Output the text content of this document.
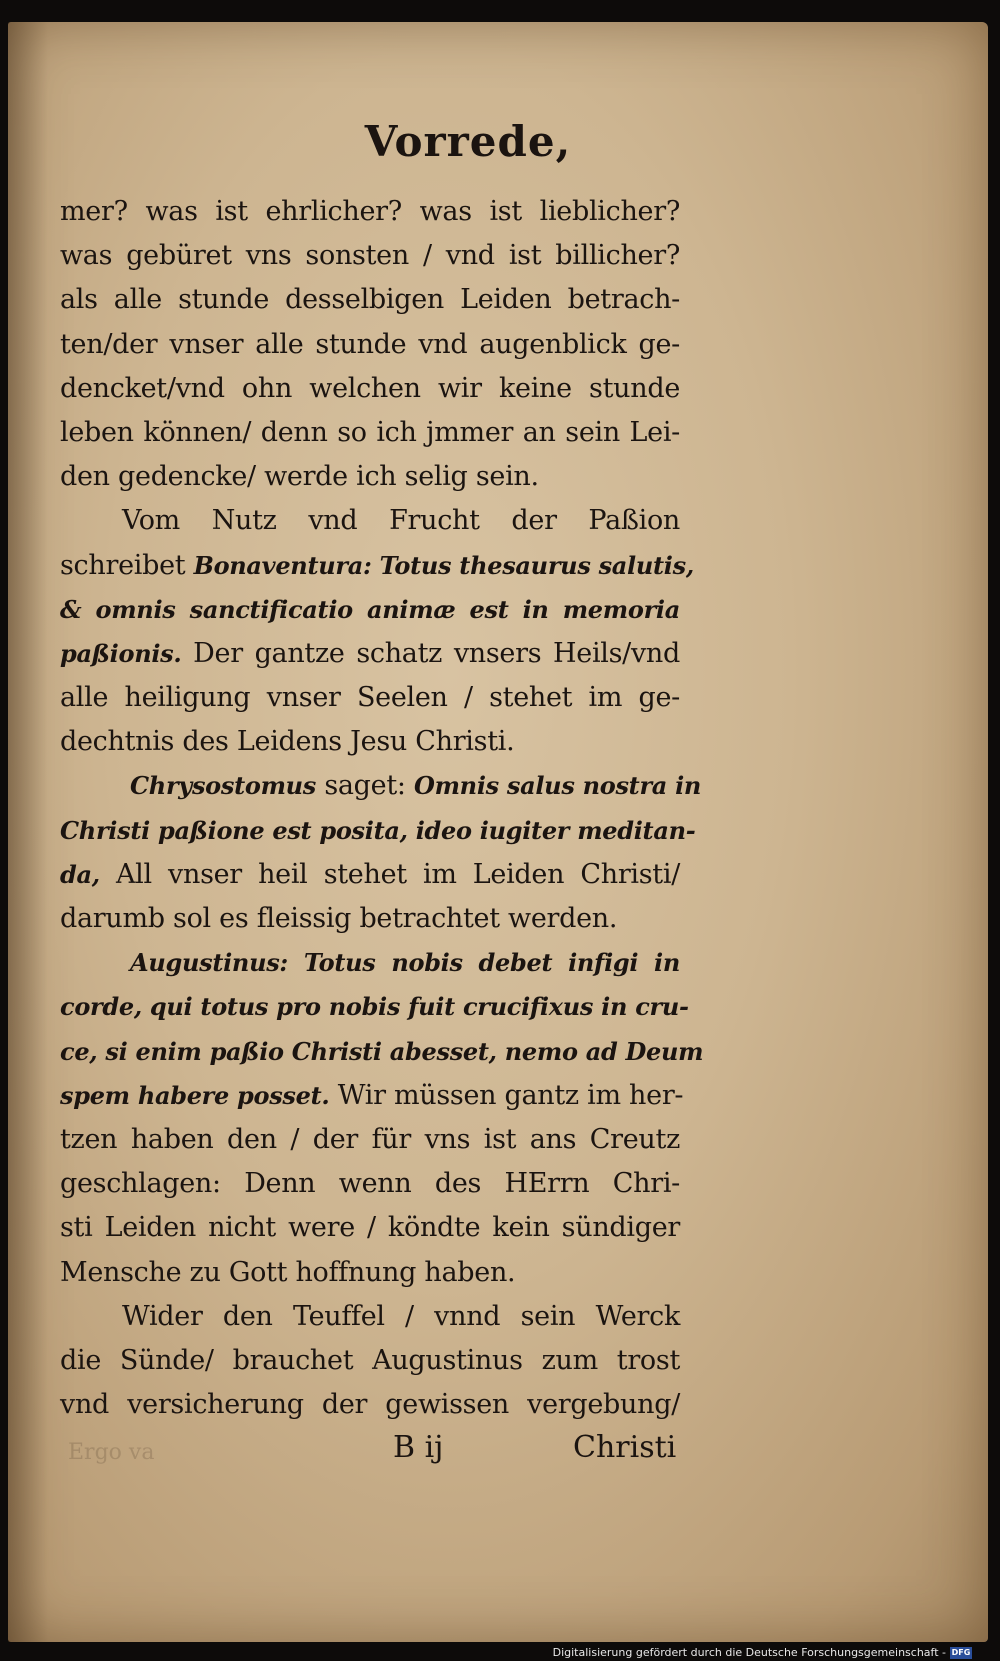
Vorrede,
mer? was ist ehrlicher? was ist lieblicher?
was gebüret vns sonsten / vnd ist billicher?
als alle stunde desselbigen Leiden betrach-
ten/der vnser alle stunde vnd augenblick ge-
dencket/vnd ohn welchen wir keine stunde
leben können/ denn so ich jmmer an sein Lei-
den gedencke/ werde ich selig sein.
Vom Nutz vnd Frucht der Paßion
schreibet Bonaventura: Totus thesaurus salutis,
& omnis sanctificatio animæ est in memoria
paßionis. Der gantze schatz vnsers Heils/vnd
alle heiligung vnser Seelen / stehet im ge-
dechtnis des Leidens Jesu Christi.
Chrysostomus saget: Omnis salus nostra in
Christi paßione est posita, ideo iugiter meditan-
da, All vnser heil stehet im Leiden Christi/
darumb sol es fleissig betrachtet werden.
Augustinus: Totus nobis debet infigi in
corde, qui totus pro nobis fuit crucifixus in cru-
ce, si enim paßio Christi abesset, nemo ad Deum
spem habere posset. Wir müssen gantz im her-
tzen haben den / der für vns ist ans Creutz
geschlagen: Denn wenn des HErrn Chri-
sti Leiden nicht were / köndte kein sündiger
Mensche zu Gott hoffnung haben.
Wider den Teuffel / vnnd sein Werck
die Sünde/ brauchet Augustinus zum trost
vnd versicherung der gewissen vergebung/
Ergo va	B ij	Christi
Digitalisierung gefördert durch die Deutsche Forschungsgemeinschaft - DFG
